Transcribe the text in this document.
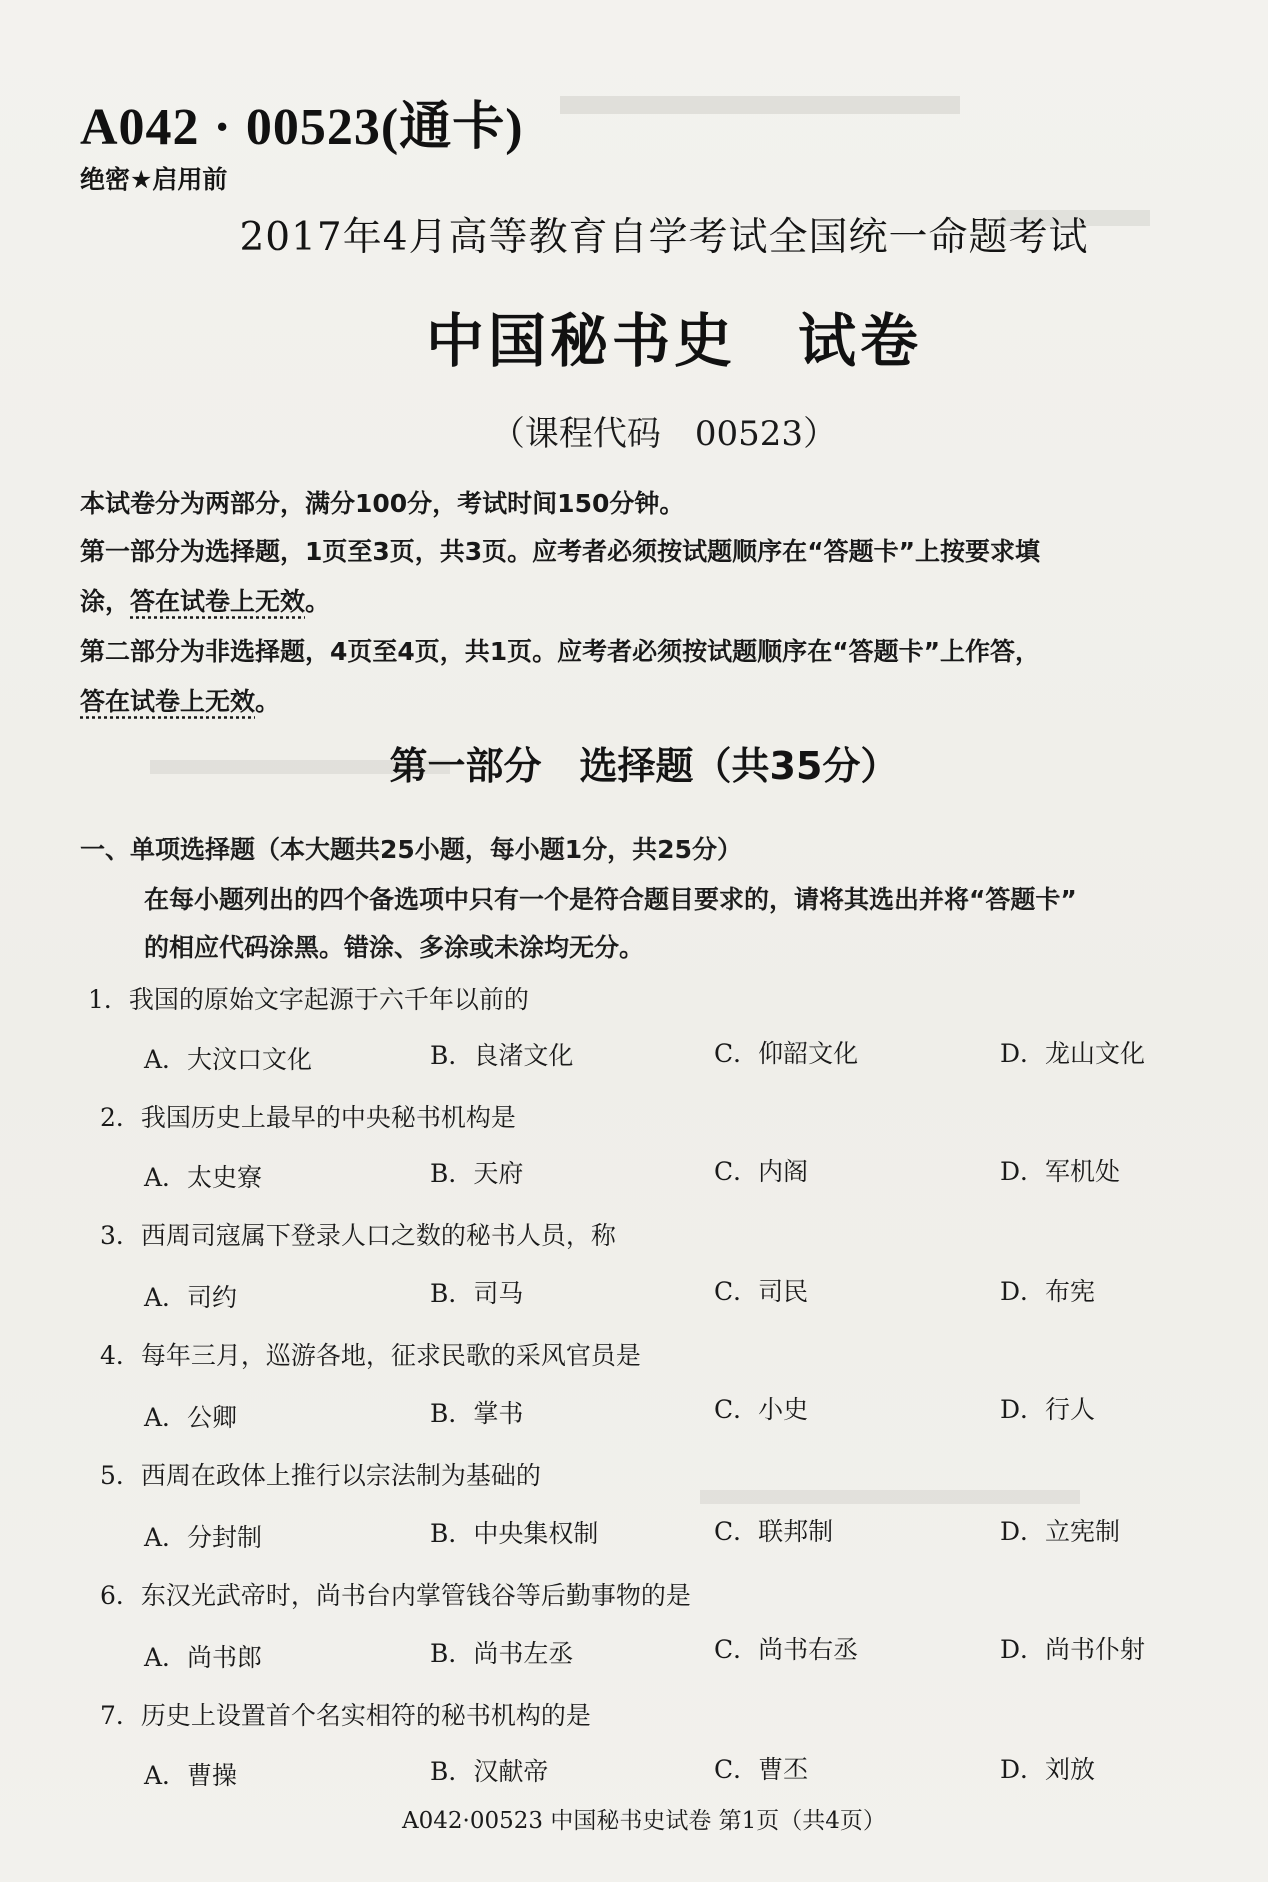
A042 · 00523(通卡)
绝密★启用前
2017年4月高等教育自学考试全国统一命题考试
中国秘书史　试卷
（课程代码　00523）
本试卷分为两部分，满分100分，考试时间150分钟。
第一部分为选择题，1页至3页，共3页。应考者必须按试题顺序在“答题卡”上按要求填
涂，答在试卷上无效。
第二部分为非选择题，4页至4页，共1页。应考者必须按试题顺序在“答题卡”上作答，
答在试卷上无效。
第一部分　选择题（共35分）
一、单项选择题（本大题共25小题，每小题1分，共25分）
在每小题列出的四个备选项中只有一个是符合题目要求的，请将其选出并将“答题卡”
的相应代码涂黑。错涂、多涂或未涂均无分。
1．我国的原始文字起源于六千年以前的
A．大汶口文化	B．良渚文化	C．仰韶文化	D．龙山文化
2．我国历史上最早的中央秘书机构是
A．太史寮	B．天府	C．内阁	D．军机处
3．西周司寇属下登录人口之数的秘书人员，称
A．司约	B．司马	C．司民	D．布宪
4．每年三月，巡游各地，征求民歌的采风官员是
A．公卿	B．掌书	C．小史	D．行人
5．西周在政体上推行以宗法制为基础的
A．分封制	B．中央集权制	C．联邦制	D．立宪制
6．东汉光武帝时，尚书台内掌管钱谷等后勤事物的是
A．尚书郎	B．尚书左丞	C．尚书右丞	D．尚书仆射
7．历史上设置首个名实相符的秘书机构的是
A．曹操	B．汉献帝	C．曹丕	D．刘放
A042·00523 中国秘书史试卷 第1页（共4页）
